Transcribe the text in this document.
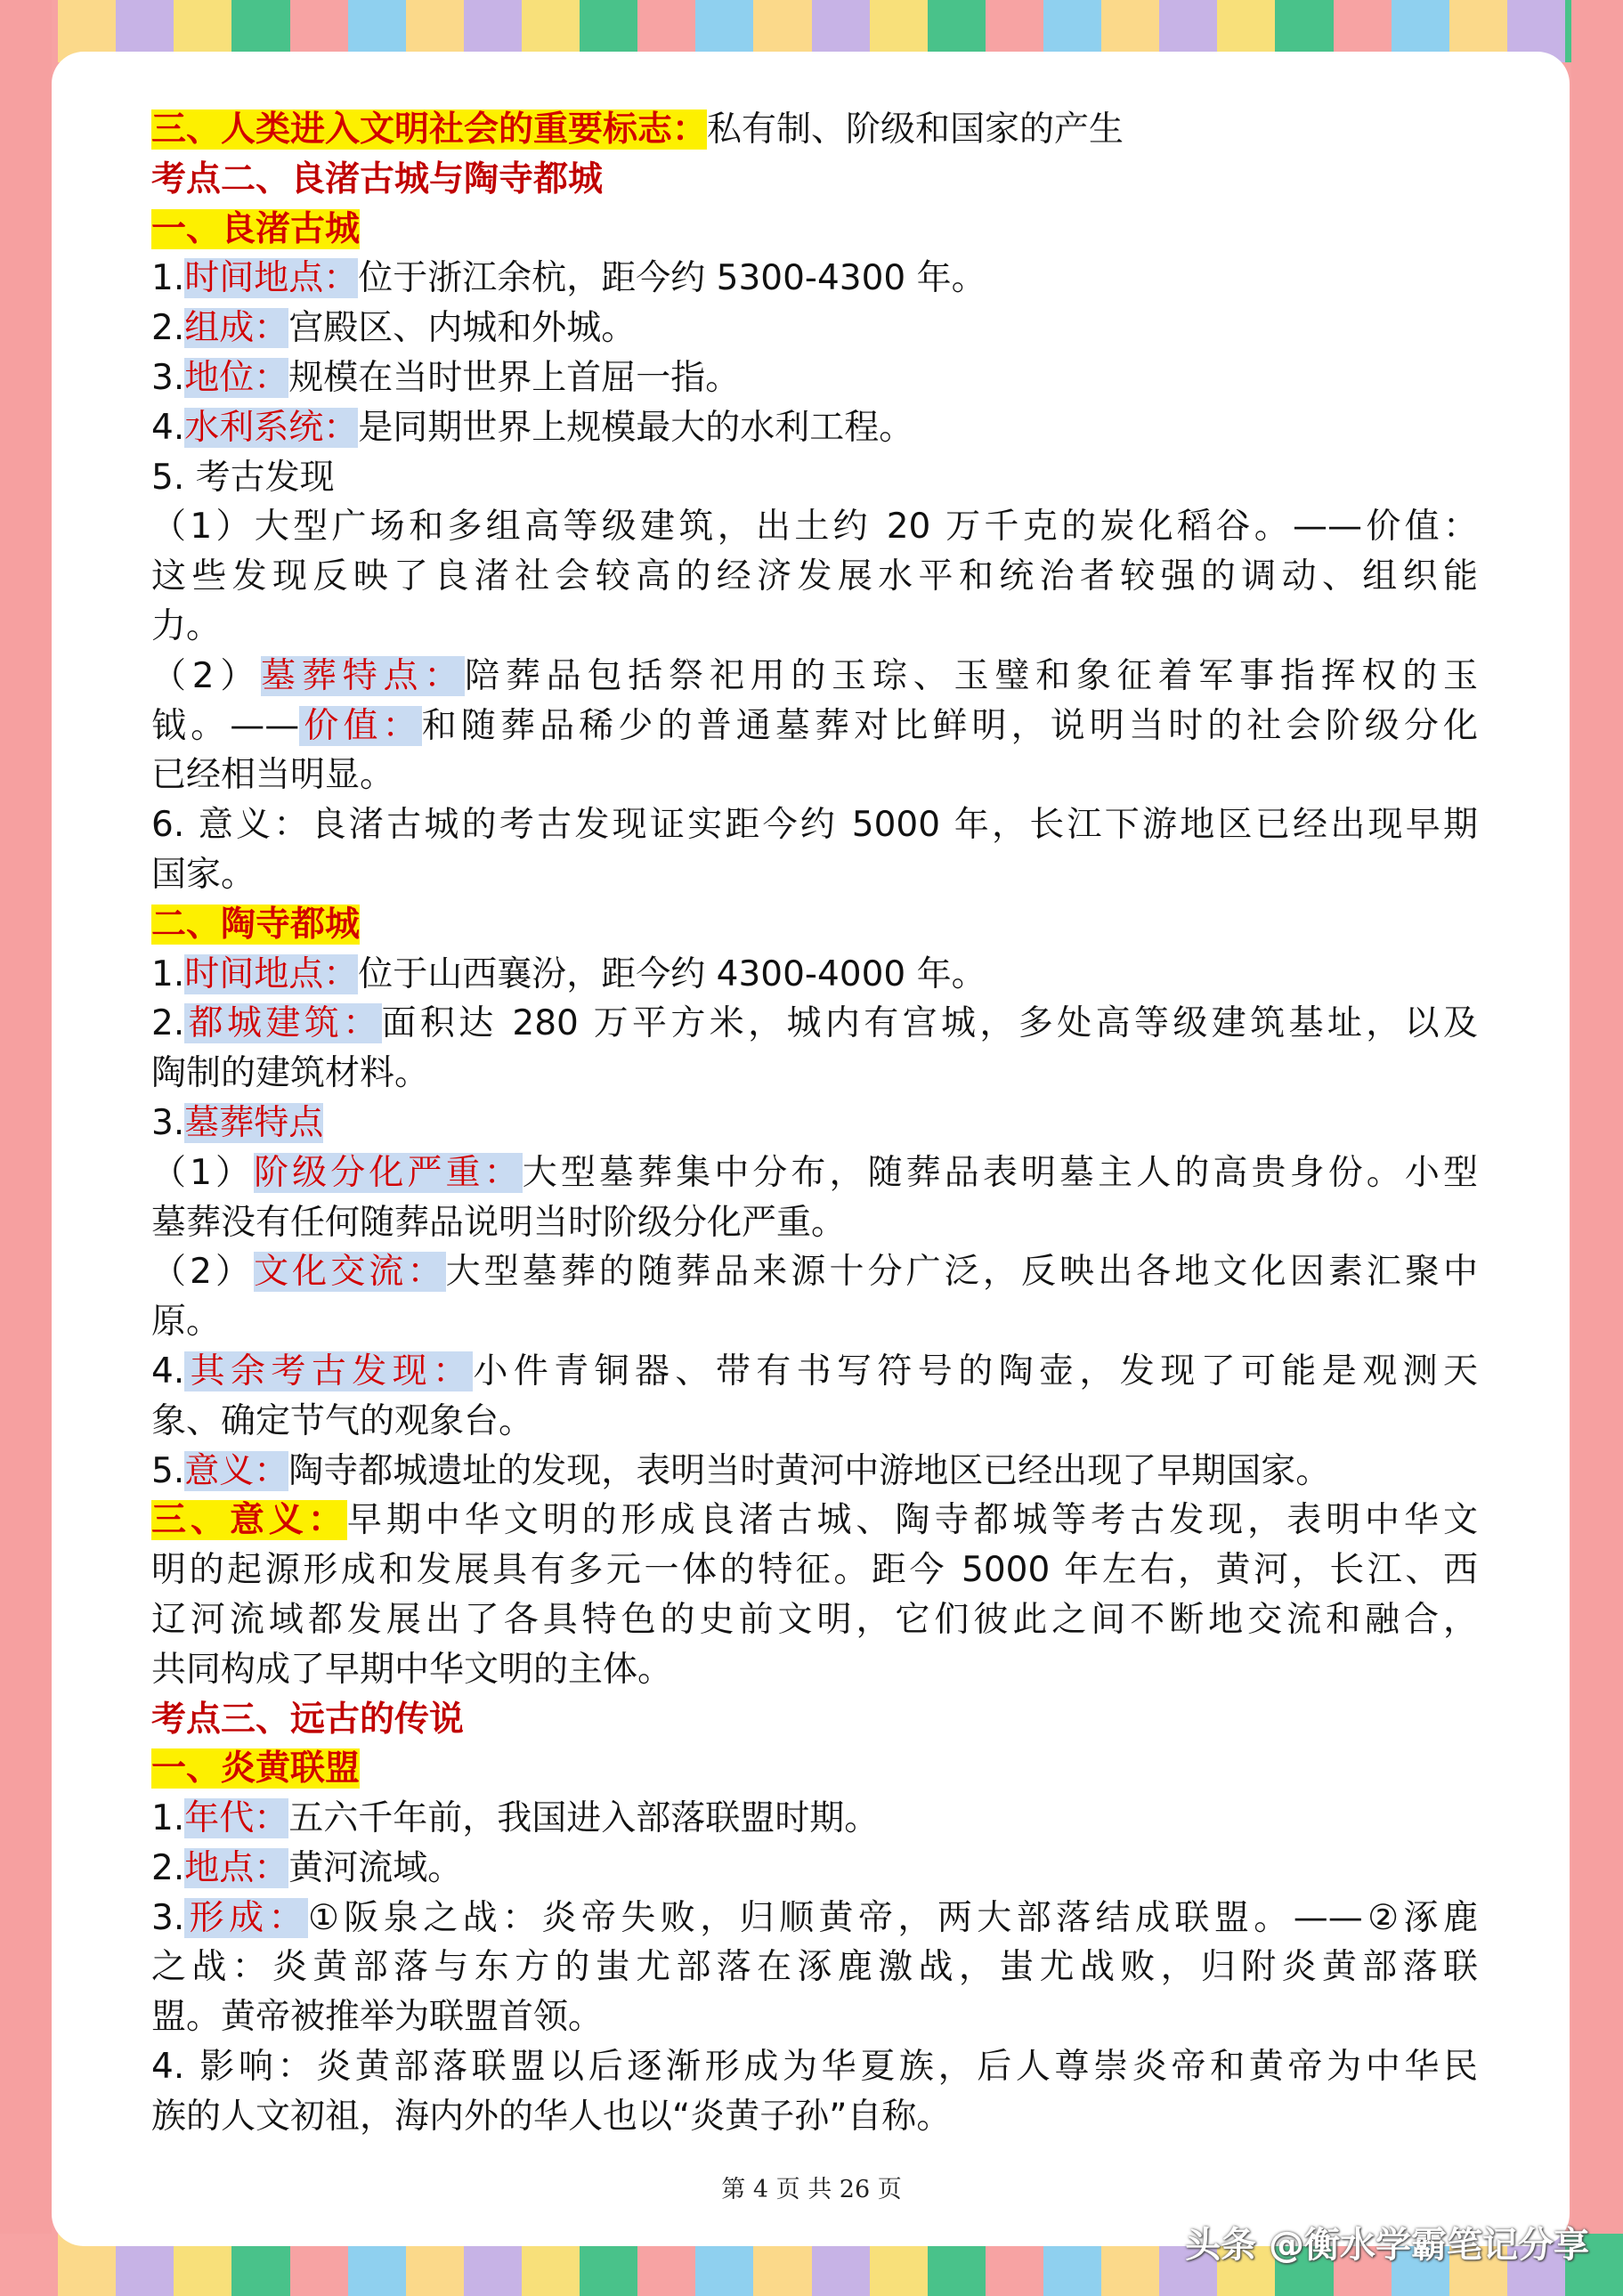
三、人类进入文明社会的重要标志：私有制、阶级和国家的产生
考点二、良渚古城与陶寺都城
一、良渚古城
1.时间地点：位于浙江余杭，距今约 5300-4300 年。
2.组成：宫殿区、内城和外城。
3.地位：规模在当时世界上首屈一指。
4.水利系统：是同期世界上规模最大的水利工程。
5. 考古发现
（1）大型广场和多组高等级建筑，出土约 20 万千克的炭化稻谷。——价值：
这些发现反映了良渚社会较高的经济发展水平和统治者较强的调动、组织能
力。
（2）墓葬特点：陪葬品包括祭祀用的玉琮、玉璧和象征着军事指挥权的玉
钺。——价值：和随葬品稀少的普通墓葬对比鲜明，说明当时的社会阶级分化
已经相当明显。
6. 意义：良渚古城的考古发现证实距今约 5000 年，长江下游地区已经出现早期
国家。
二、陶寺都城
1.时间地点：位于山西襄汾，距今约 4300-4000 年。
2.都城建筑：面积达 280 万平方米，城内有宫城，多处高等级建筑基址，以及
陶制的建筑材料。
3.墓葬特点
（1）阶级分化严重：大型墓葬集中分布，随葬品表明墓主人的高贵身份。小型
墓葬没有任何随葬品说明当时阶级分化严重。
（2）文化交流：大型墓葬的随葬品来源十分广泛，反映出各地文化因素汇聚中
原。
4.其余考古发现：小件青铜器、带有书写符号的陶壶，发现了可能是观测天
象、确定节气的观象台。
5.意义：陶寺都城遗址的发现，表明当时黄河中游地区已经出现了早期国家。
三、意义：早期中华文明的形成良渚古城、陶寺都城等考古发现，表明中华文
明的起源形成和发展具有多元一体的特征。距今 5000 年左右，黄河，长江、西
辽河流域都发展出了各具特色的史前文明，它们彼此之间不断地交流和融合，
共同构成了早期中华文明的主体。
考点三、远古的传说
一、炎黄联盟
1.年代：五六千年前，我国进入部落联盟时期。
2.地点：黄河流域。
3.形成：①阪泉之战：炎帝失败，归顺黄帝，两大部落结成联盟。——②涿鹿
之战：炎黄部落与东方的蚩尤部落在涿鹿激战，蚩尤战败，归附炎黄部落联
盟。黄帝被推举为联盟首领。
4. 影响：炎黄部落联盟以后逐渐形成为华夏族，后人尊崇炎帝和黄帝为中华民
族的人文初祖，海内外的华人也以“炎黄子孙”自称。
第 4 页 共 26 页
头条 @衡水学霸笔记分享
